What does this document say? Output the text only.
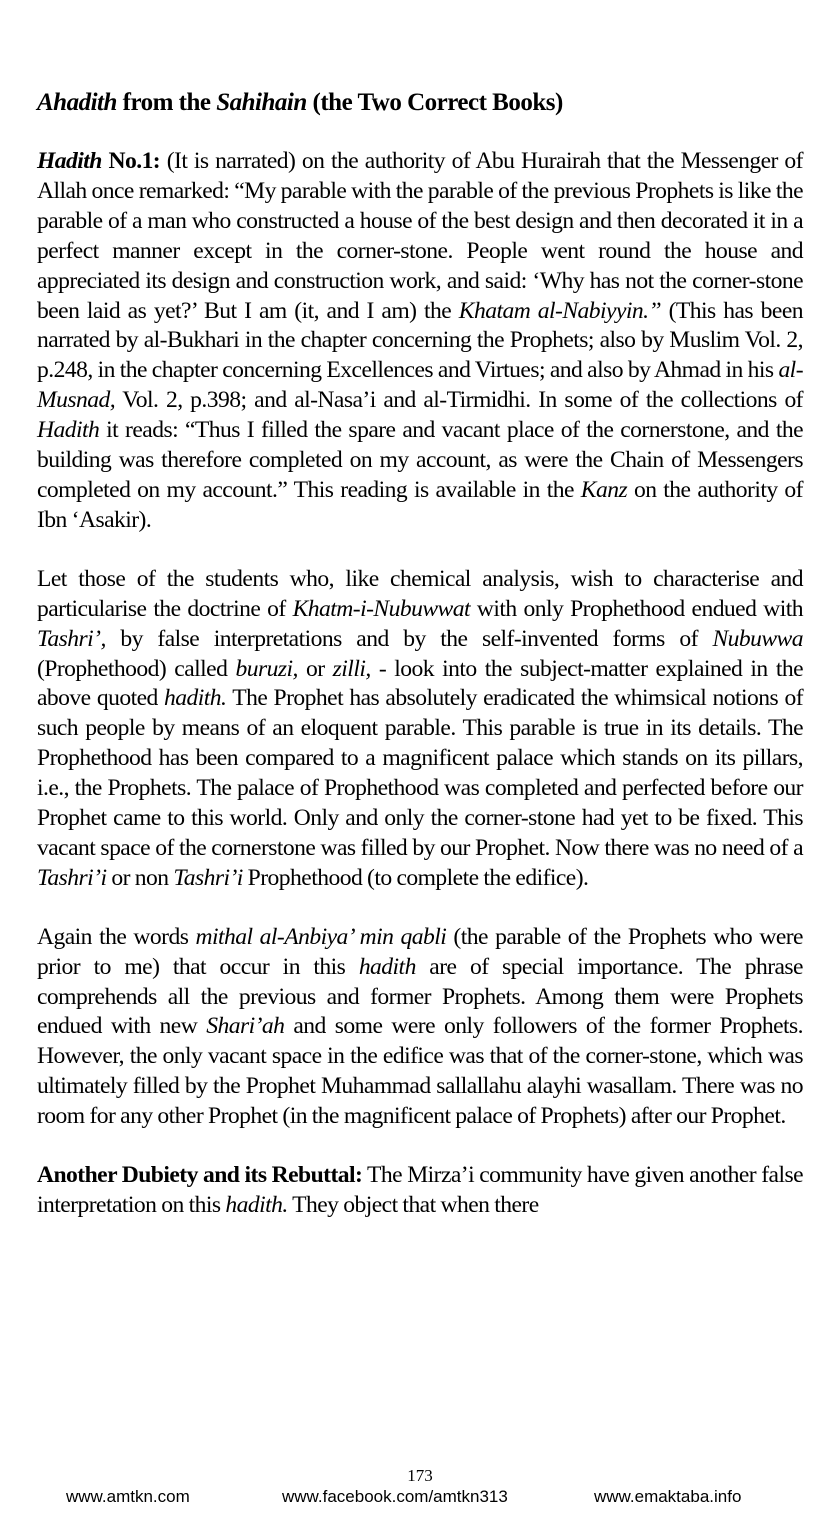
Ahadith from the Sahihain (the Two Correct Books)
Hadith No.1: (It is narrated) on the authority of Abu Hurairah that the Messenger of Allah once remarked: “My parable with the parable of the previous Prophets is like the parable of a man who constructed a house of the best design and then decorated it in a perfect manner except in the corner-stone. People went round the house and appreciated its design and construction work, and said: ‘Why has not the corner-stone been laid as yet?’ But I am (it, and I am) the Khatam al-Nabiyyin.” (This has been narrated by al-Bukhari in the chapter concerning the Prophets; also by Muslim Vol. 2, p.248, in the chapter concerning Excellences and Virtues; and also by Ahmad in his al-Musnad, Vol. 2, p.398; and al-Nasa’i and al-Tirmidhi. In some of the collections of Hadith it reads: “Thus I filled the spare and vacant place of the cornerstone, and the building was therefore completed on my account, as were the Chain of Messengers completed on my account.” This reading is available in the Kanz on the authority of Ibn ‘Asakir).
Let those of the students who, like chemical analysis, wish to characterise and particularise the doctrine of Khatm-i-Nubuwwat with only Prophethood endued with Tashri’, by false interpretations and by the self-invented forms of Nubuwwa (Prophethood) called buruzi, or zilli, - look into the subject-matter explained in the above quoted hadith. The Prophet has absolutely eradicated the whimsical notions of such people by means of an eloquent parable. This parable is true in its details. The Prophethood has been compared to a magnificent palace which stands on its pillars, i.e., the Prophets. The palace of Prophethood was completed and perfected before our Prophet came to this world. Only and only the corner-stone had yet to be fixed. This vacant space of the cornerstone was filled by our Prophet. Now there was no need of a Tashri’i or non Tashri’i Prophethood (to complete the edifice).
Again the words mithal al-Anbiya’ min qabli (the parable of the Prophets who were prior to me) that occur in this hadith are of special importance. The phrase comprehends all the previous and former Prophets. Among them were Prophets endued with new Shari’ah and some were only followers of the former Prophets. However, the only vacant space in the edifice was that of the corner-stone, which was ultimately filled by the Prophet Muhammad sallallahu alayhi wasallam. There was no room for any other Prophet (in the magnificent palace of Prophets) after our Prophet.
Another Dubiety and its Rebuttal: The Mirza’i community have given another false interpretation on this hadith. They object that when there
173
www.amtkn.com	www.facebook.com/amtkn313	www.emaktaba.info
